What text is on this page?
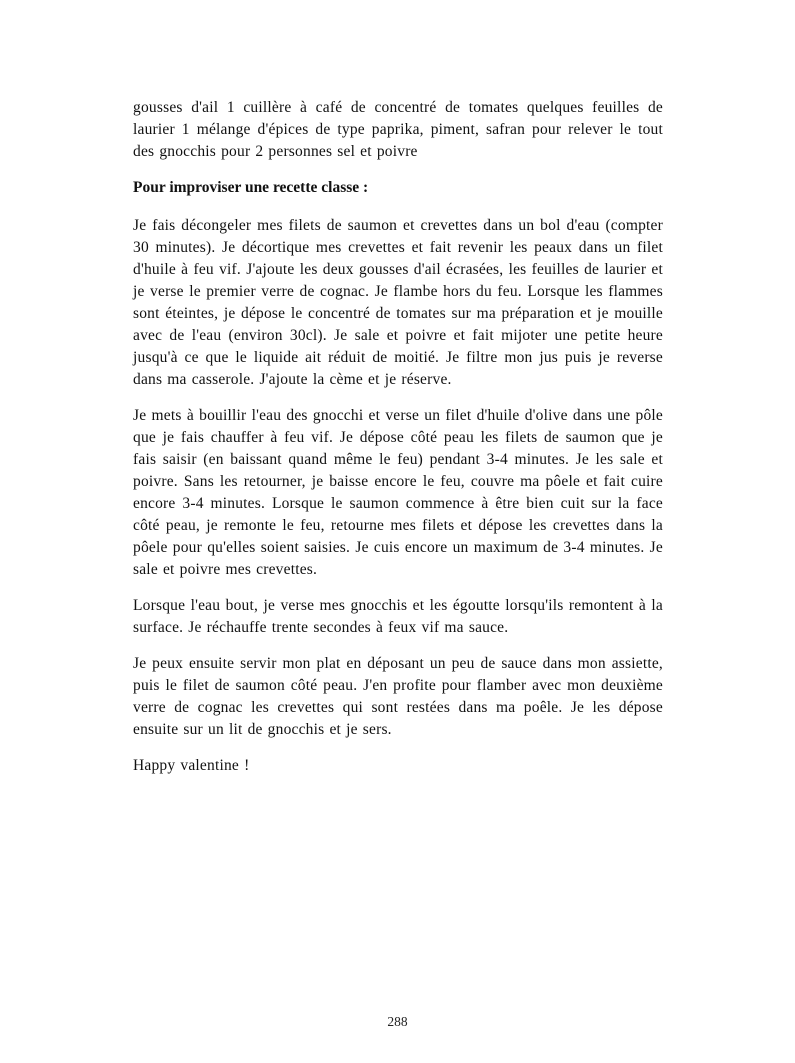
gousses d'ail 1 cuillère à café de concentré de tomates quelques feuilles de laurier 1 mélange d'épices de type paprika, piment, safran pour relever le tout des gnocchis pour 2 personnes sel et poivre

Pour improviser une recette classe :

Je fais décongeler mes filets de saumon et crevettes dans un bol d'eau (compter 30 minutes). Je décortique mes crevettes et fait revenir les peaux dans un filet d'huile à feu vif. J'ajoute les deux gousses d'ail écrasées, les feuilles de laurier et je verse le premier verre de cognac. Je flambe hors du feu. Lorsque les flammes sont éteintes, je dépose le concentré de tomates sur ma préparation et je mouille avec de l'eau (environ 30cl). Je sale et poivre et fait mijoter une petite heure jusqu'à ce que le liquide ait réduit de moitié. Je filtre mon jus puis je reverse dans ma casserole. J'ajoute la cème et je réserve.

Je mets à bouillir l'eau des gnocchi et verse un filet d'huile d'olive dans une pôle que je fais chauffer à feu vif. Je dépose côté peau les filets de saumon que je fais saisir (en baissant quand même le feu) pendant 3-4 minutes. Je les sale et poivre. Sans les retourner, je baisse encore le feu, couvre ma pôele et fait cuire encore 3-4 minutes. Lorsque le saumon commence à être bien cuit sur la face côté peau, je remonte le feu, retourne mes filets et dépose les crevettes dans la pôele pour qu'elles soient saisies. Je cuis encore un maximum de 3-4 minutes. Je sale et poivre mes crevettes.

Lorsque l'eau bout, je verse mes gnocchis et les égoutte lorsqu'ils remontent à la surface. Je réchauffe trente secondes à feux vif ma sauce.

Je peux ensuite servir mon plat en déposant un peu de sauce dans mon assiette, puis le filet de saumon côté peau. J'en profite pour flamber avec mon deuxième verre de cognac les crevettes qui sont restées dans ma poêle. Je les dépose ensuite sur un lit de gnocchis et je sers.

Happy valentine !

288
